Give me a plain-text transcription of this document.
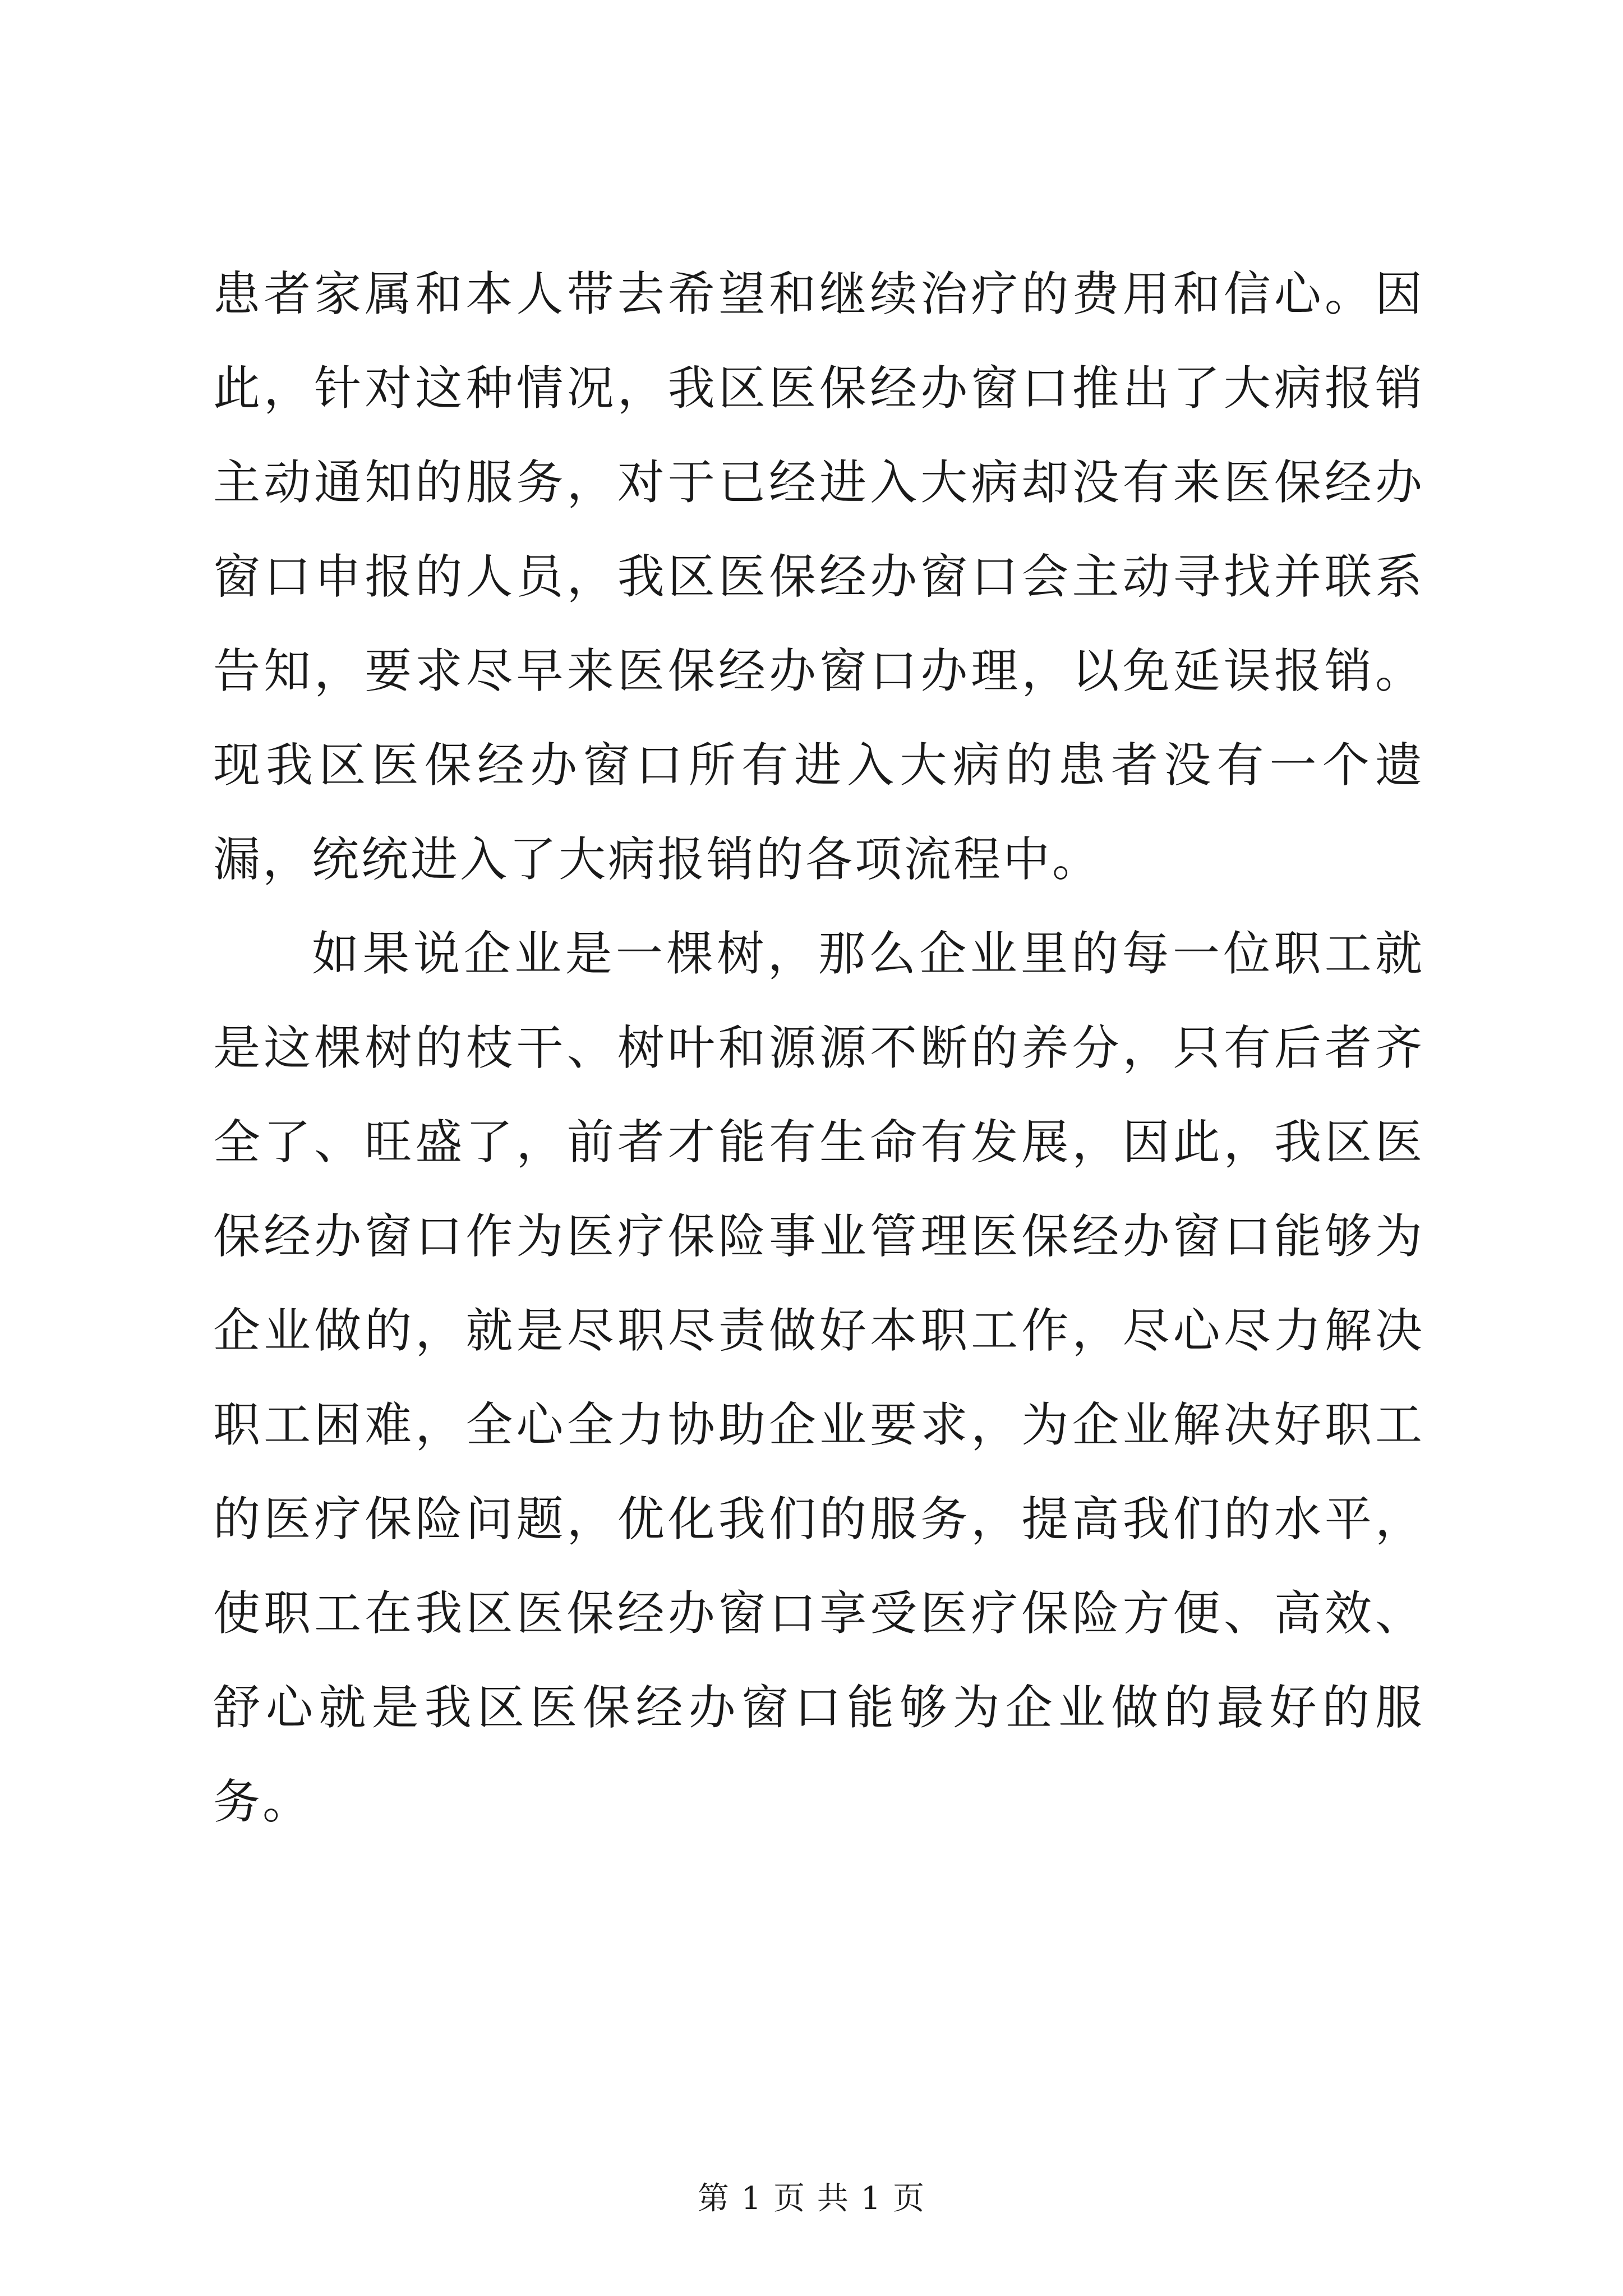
患者家属和本人带去希望和继续治疗的费用和信心。因此，针对这种情况，我区医保经办窗口推出了大病报销主动通知的服务，对于已经进入大病却没有来医保经办窗口申报的人员，我区医保经办窗口会主动寻找并联系告知，要求尽早来医保经办窗口办理，以免延误报销。现我区医保经办窗口所有进入大病的患者没有一个遗漏，统统进入了大病报销的各项流程中。

如果说企业是一棵树，那么企业里的每一位职工就是这棵树的枝干、树叶和源源不断的养分，只有后者齐全了、旺盛了，前者才能有生命有发展，因此，我区医保经办窗口作为医疗保险事业管理医保经办窗口能够为企业做的，就是尽职尽责做好本职工作，尽心尽力解决职工困难，全心全力协助企业要求，为企业解决好职工的医疗保险问题，优化我们的服务，提高我们的水平，使职工在我区医保经办窗口享受医疗保险方便、高效、舒心就是我区医保经办窗口能够为企业做的最好的服务。

第 1 页 共 1 页
